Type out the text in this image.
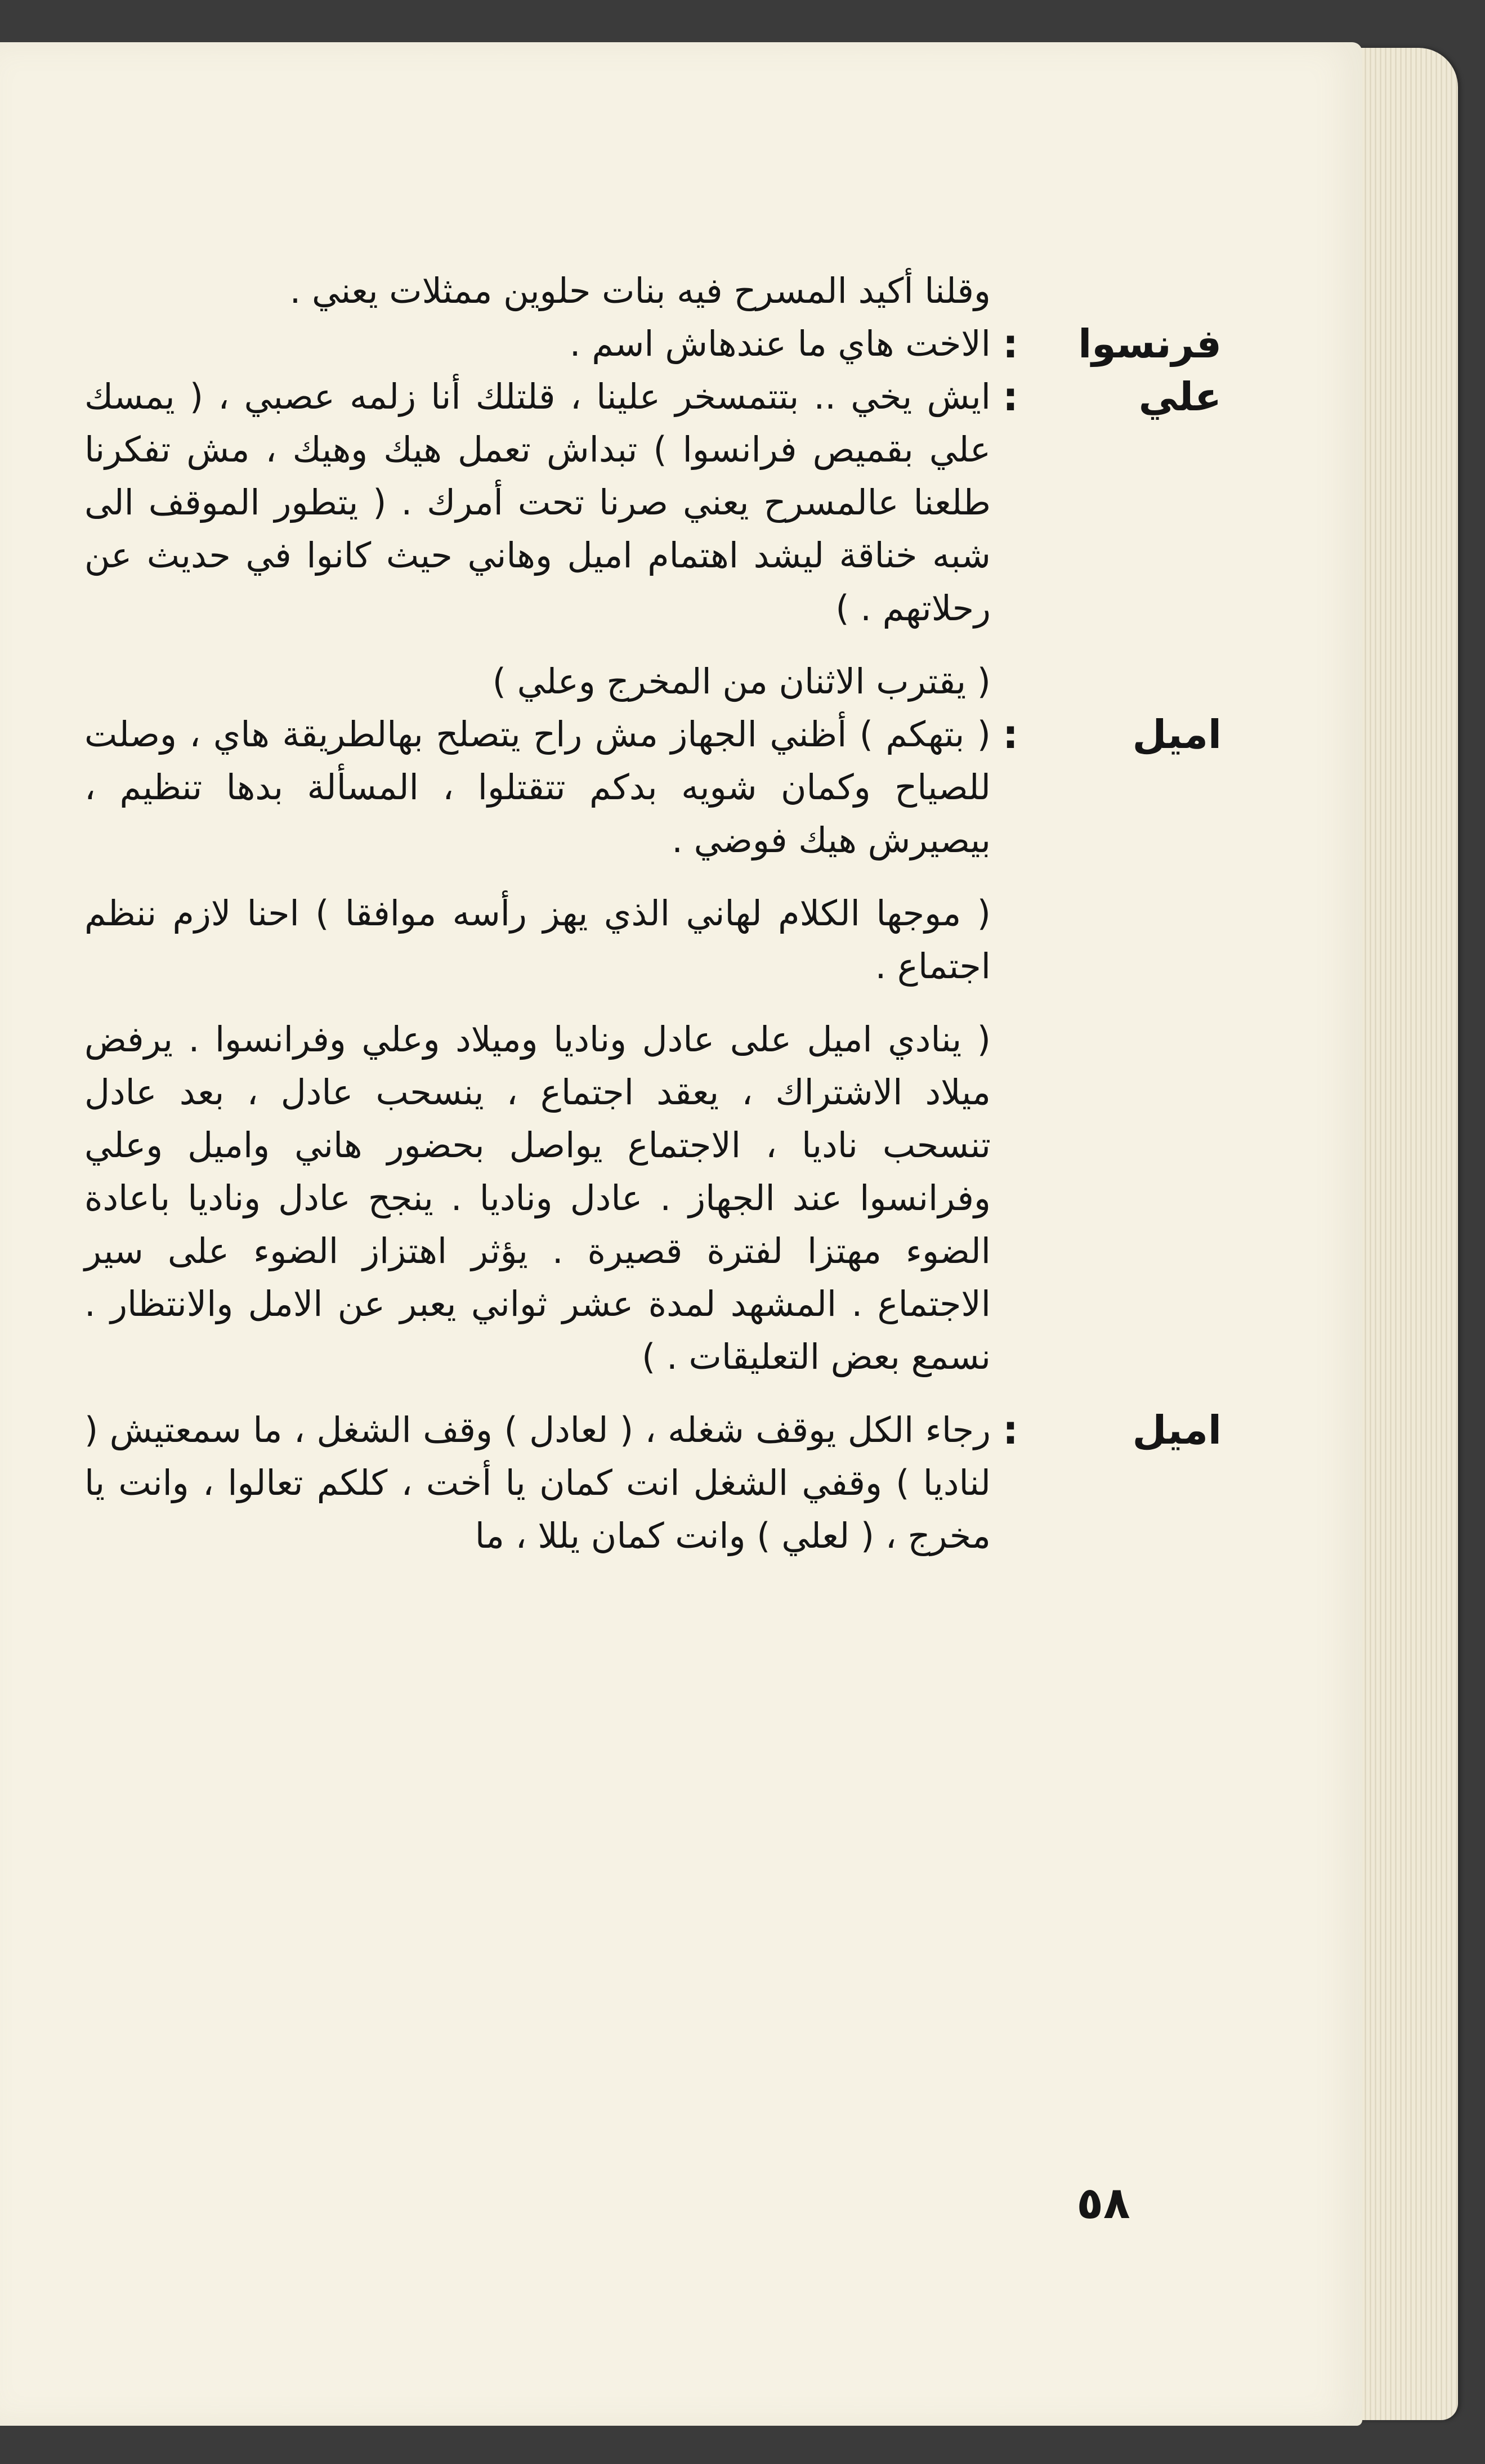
وقلنا أكيد المسرح فيه بنات حلوين ممثلات يعني .
فرنسوا
:
الاخت هاي ما عندهاش اسم .
علي
:
ايش يخي .. بتتمسخر علينا ، قلتلك أنا زلمه عصبي ، ( يمسك علي بقميص فرانسوا ) تبداش تعمل هيك وهيك ، مش تفكرنا طلعنا عالمسرح يعني صرنا تحت أمرك . ( يتطور الموقف الى شبه خناقة ليشد اهتمام اميل وهاني حيث كانوا في حديث عن رحلاتهم . )
( يقترب الاثنان من المخرج وعلي )
اميل
:
( بتهكم ) أظني الجهاز مش راح يتصلح بهالطريقة هاي ، وصلت للصياح وكمان شويه بدكم تتقتلوا ، المسألة بدها تنظيم ، بيصيرش هيك فوضي .
( موجها الكلام لهاني الذي يهز رأسه موافقا ) احنا لازم ننظم اجتماع .
( ينادي اميل على عادل وناديا وميلاد وعلي وفرانسوا . يرفض ميلاد الاشتراك ، يعقد اجتماع ، ينسحب عادل ، بعد عادل تنسحب ناديا ، الاجتماع يواصل بحضور هاني واميل وعلي وفرانسوا عند الجهاز . عادل وناديا . ينجح عادل وناديا باعادة الضوء مهتزا لفترة قصيرة . يؤثر اهتزاز الضوء على سير الاجتماع . المشهد لمدة عشر ثواني يعبر عن الامل والانتظار . نسمع بعض التعليقات . )
اميل
:
رجاء الكل يوقف شغله ، ( لعادل ) وقف الشغل ، ما سمعتيش ( لناديا ) وقفي الشغل انت كمان يا أخت ، كلكم تعالوا ، وانت يا مخرج ، ( لعلي ) وانت كمان يللا ، ما
٥٨
